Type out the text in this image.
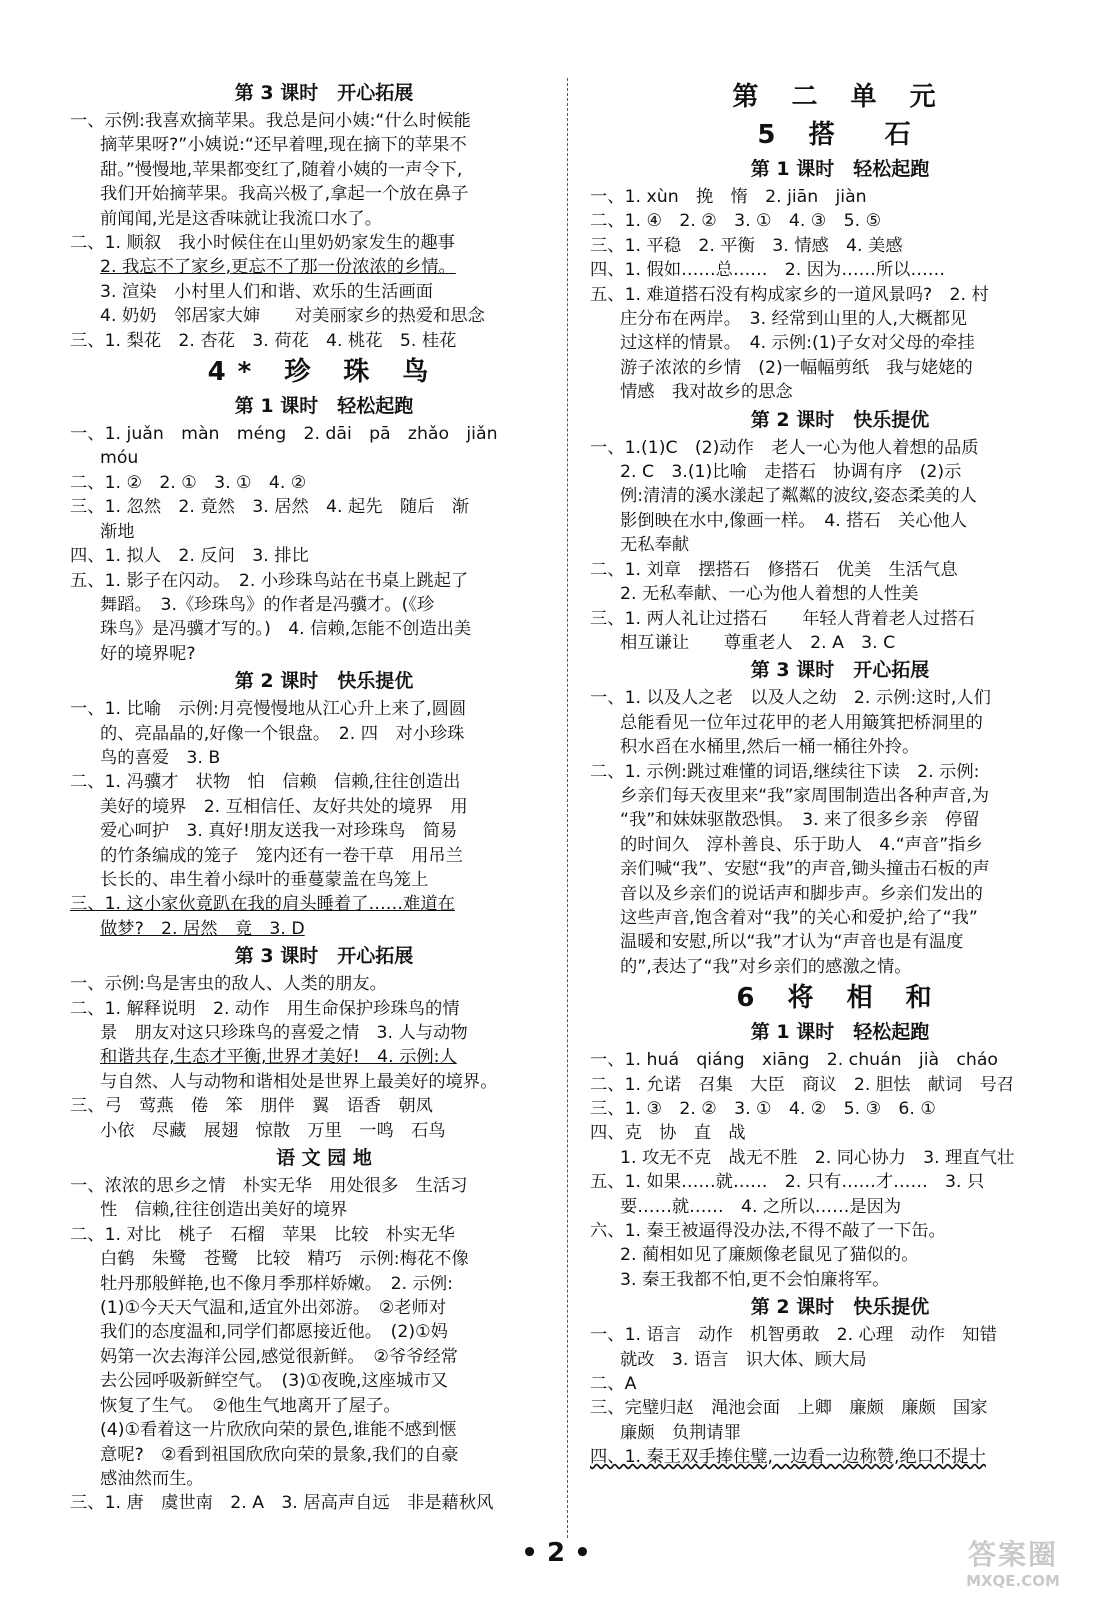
第 3 课时　开心拓展
一、示例:我喜欢摘苹果。我总是问小姨:“什么时候能
摘苹果呀?”小姨说:“还早着哩,现在摘下的苹果不
甜。”慢慢地,苹果都变红了,随着小姨的一声令下,
我们开始摘苹果。我高兴极了,拿起一个放在鼻子
前闻闻,光是这香味就让我流口水了。
二、1. 顺叙　我小时候住在山里奶奶家发生的趣事
2. 我忘不了家乡,更忘不了那一份浓浓的乡情。
3. 渲染　小村里人们和谐、欢乐的生活画面
4. 奶奶　邻居家大婶　　对美丽家乡的热爱和思念
三、1. 梨花　2. 杏花　3. 荷花　4. 桃花　5. 桂花
4* 珍 珠 鸟
第 1 课时　轻松起跑
一、1. juǎn　màn　méng　2. dāi　pā　zhǎo　jiǎn
móu
二、1. ②　2. ①　3. ①　4. ②
三、1. 忽然　2. 竟然　3. 居然　4. 起先　随后　渐
渐地
四、1. 拟人　2. 反问　3. 排比
五、1. 影子在闪动。　2. 小珍珠鸟站在书桌上跳起了
舞蹈。　3.《珍珠鸟》的作者是冯骥才。(《珍
珠鸟》是冯骥才写的。)　4. 信赖,怎能不创造出美
好的境界呢?
第 2 课时　快乐提优
一、1. 比喻　示例:月亮慢慢地从江心升上来了,圆圆
的、亮晶晶的,好像一个银盘。　2. 四　对小珍珠
鸟的喜爱　3. B
二、1. 冯骥才　状物　怕　信赖　信赖,往往创造出
美好的境界　2. 互相信任、友好共处的境界　用
爱心呵护　3. 真好!朋友送我一对珍珠鸟　简易
的竹条编成的笼子　笼内还有一卷干草　用吊兰
长长的、串生着小绿叶的垂蔓蒙盖在鸟笼上
三、1. 这小家伙竟趴在我的肩头睡着了……难道在
做梦?　2. 居然　竟　3. D
第 3 课时　开心拓展
一、示例:鸟是害虫的敌人、人类的朋友。
二、1. 解释说明　2. 动作　用生命保护珍珠鸟的情
景　朋友对这只珍珠鸟的喜爱之情　3. 人与动物
和谐共存,生态才平衡,世界才美好!　4. 示例:人
与自然、人与动物和谐相处是世界上最美好的境界。
三、弓　莺燕　倦　笨　朋伴　翼　语香　朝凤
小依　尽藏　展翅　惊散　万里　一鸣　石鸟
语 文 园 地
一、浓浓的思乡之情　朴实无华　用处很多　生活习
性　信赖,往往创造出美好的境界
二、1. 对比　桃子　石榴　苹果　比较　朴实无华
白鹤　朱鹭　苍鹭　比较　精巧　示例:梅花不像
牡丹那般鲜艳,也不像月季那样娇嫩。　2. 示例:
(1)①今天天气温和,适宜外出郊游。　②老师对
我们的态度温和,同学们都愿接近他。　(2)①妈
妈第一次去海洋公园,感觉很新鲜。　②爷爷经常
去公园呼吸新鲜空气。　(3)①夜晚,这座城市又
恢复了生气。　②他生气地离开了屋子。
(4)①看着这一片欣欣向荣的景色,谁能不感到惬
意呢?　②看到祖国欣欣向荣的景象,我们的自豪
感油然而生。
三、1. 唐　虞世南　2. A　3. 居高声自远　非是藉秋风
第 二 单 元
5 搭　石
第 1 课时　轻松起跑
一、1. xùn　挽　惰　2. jiān　jiàn
二、1. ④　2. ②　3. ①　4. ③　5. ⑤
三、1. 平稳　2. 平衡　3. 情感　4. 美感
四、1. 假如……总……　2. 因为……所以……
五、1. 难道搭石没有构成家乡的一道风景吗?　2. 村
庄分布在两岸。　3. 经常到山里的人,大概都见
过这样的情景。　4. 示例:(1)子女对父母的牵挂
游子浓浓的乡情　(2)一幅幅剪纸　我与姥姥的
情感　我对故乡的思念
第 2 课时　快乐提优
一、1.(1)C　(2)动作　老人一心为他人着想的品质
2. C　3.(1)比喻　走搭石　协调有序　(2)示
例:清清的溪水漾起了粼粼的波纹,姿态柔美的人
影倒映在水中,像画一样。　4. 搭石　关心他人
无私奉献
二、1. 刘章　摆搭石　修搭石　优美　生活气息
2. 无私奉献、一心为他人着想的人性美
三、1. 两人礼让过搭石　　年轻人背着老人过搭石
相互谦让　　尊重老人　2. A　3. C
第 3 课时　开心拓展
一、1. 以及人之老　以及人之幼　2. 示例:这时,人们
总能看见一位年过花甲的老人用簸箕把桥洞里的
积水舀在水桶里,然后一桶一桶往外拎。
二、1. 示例:跳过难懂的词语,继续往下读　2. 示例:
乡亲们每天夜里来“我”家周围制造出各种声音,为
“我”和妹妹驱散恐惧。　3. 来了很多乡亲　停留
的时间久　淳朴善良、乐于助人　4.“声音”指乡
亲们喊“我”、安慰“我”的声音,锄头撞击石板的声
音以及乡亲们的说话声和脚步声。乡亲们发出的
这些声音,饱含着对“我”的关心和爱护,给了“我”
温暖和安慰,所以“我”才认为“声音也是有温度
的”,表达了“我”对乡亲们的感激之情。
6 将 相 和
第 1 课时　轻松起跑
一、1. huá　qiáng　xiāng　2. chuán　jià　cháo
二、1. 允诺　召集　大臣　商议　2. 胆怯　献词　号召
三、1. ③　2. ②　3. ①　4. ②　5. ③　6. ①
四、克　协　直　战
1. 攻无不克　战无不胜　2. 同心协力　3. 理直气壮
五、1. 如果……就……　2. 只有……才……　3. 只
要……就……　4. 之所以……是因为
六、1. 秦王被逼得没办法,不得不敲了一下缶。
2. 蔺相如见了廉颇像老鼠见了猫似的。
3. 秦王我都不怕,更不会怕廉将军。
第 2 课时　快乐提优
一、1. 语言　动作　机智勇敢　2. 心理　动作　知错
就改　3. 语言　识大体、顾大局
二、A
三、完璧归赵　渑池会面　上卿　廉颇　廉颇　国家
廉颇　负荆请罪
四、1. 秦王双手捧住璧,一边看一边称赞,绝口不提十
• 2 •	答案圈
MXQE.COM
